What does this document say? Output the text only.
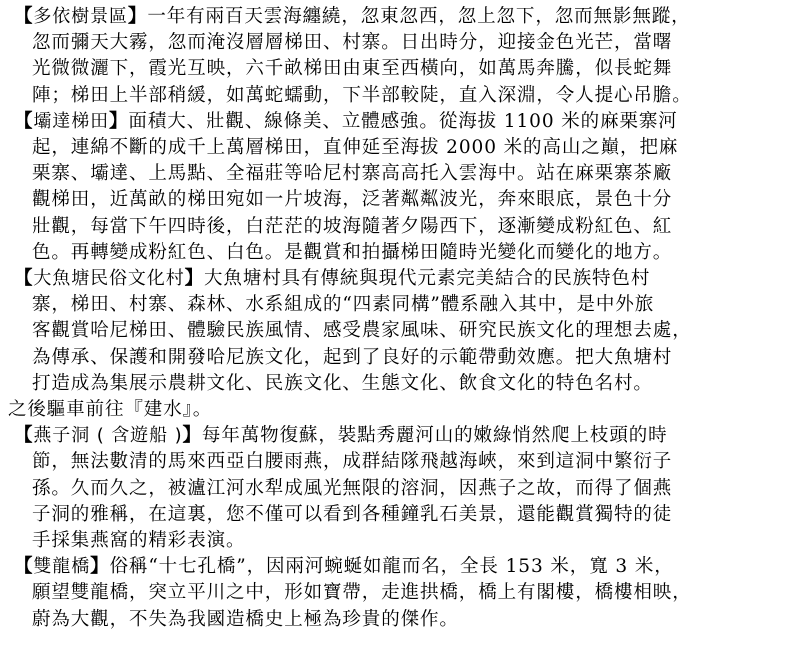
【多依樹景區】一年有兩百天雲海纏繞，忽東忽西，忽上忽下，忽而無影無蹤，
忽而彌天大霧，忽而淹沒層層梯田、村寨。日出時分，迎接金色光芒，當曙
光微微灑下，霞光互映，六千畝梯田由東至西橫向，如萬馬奔騰，似長蛇舞
陣；梯田上半部稍緩，如萬蛇蠕動，下半部較陡，直入深淵，令人提心吊膽。

【壩達梯田】面積大、壯觀、線條美、立體感強。從海拔 1100 米的麻栗寨河
起，連綿不斷的成千上萬層梯田，直伸延至海拔 2000 米的高山之巔，把麻
栗寨、壩達、上馬點、全福莊等哈尼村寨高高托入雲海中。站在麻栗寨茶廠
觀梯田，近萬畝的梯田宛如一片坡海，泛著粼粼波光，奔來眼底，景色十分
壯觀，每當下午四時後，白茫茫的坡海隨著夕陽西下，逐漸變成粉紅色、紅
色。再轉變成粉紅色、白色。是觀賞和拍攝梯田隨時光變化而變化的地方。

【大魚塘民俗文化村】大魚塘村具有傳統與現代元素完美結合的民族特色村
寨，梯田、村寨、森林、水系組成的“四素同構”體系融入其中，是中外旅
客觀賞哈尼梯田、體驗民族風情、感受農家風味、研究民族文化的理想去處，
為傳承、保護和開發哈尼族文化，起到了良好的示範帶動效應。把大魚塘村
打造成為集展示農耕文化、民族文化、生態文化、飲食文化的特色名村。

之後驅車前往『建水』。

【燕子洞 ( 含遊船 )】每年萬物復蘇，裝點秀麗河山的嫩綠悄然爬上枝頭的時
節，無法數清的馬來西亞白腰雨燕，成群結隊飛越海峽，來到這洞中繁衍子
孫。久而久之，被瀘江河水犁成風光無限的溶洞，因燕子之故，而得了個燕
子洞的雅稱，在這裏，您不僅可以看到各種鐘乳石美景，還能觀賞獨特的徒
手採集燕窩的精彩表演。

【雙龍橋】俗稱“十七孔橋”，因兩河蜿蜒如龍而名，全長 153 米，寬 3 米，
願望雙龍橋，突立平川之中，形如寶帶，走進拱橋，橋上有閣樓，橋樓相映，
蔚為大觀，不失為我國造橋史上極為珍貴的傑作。
